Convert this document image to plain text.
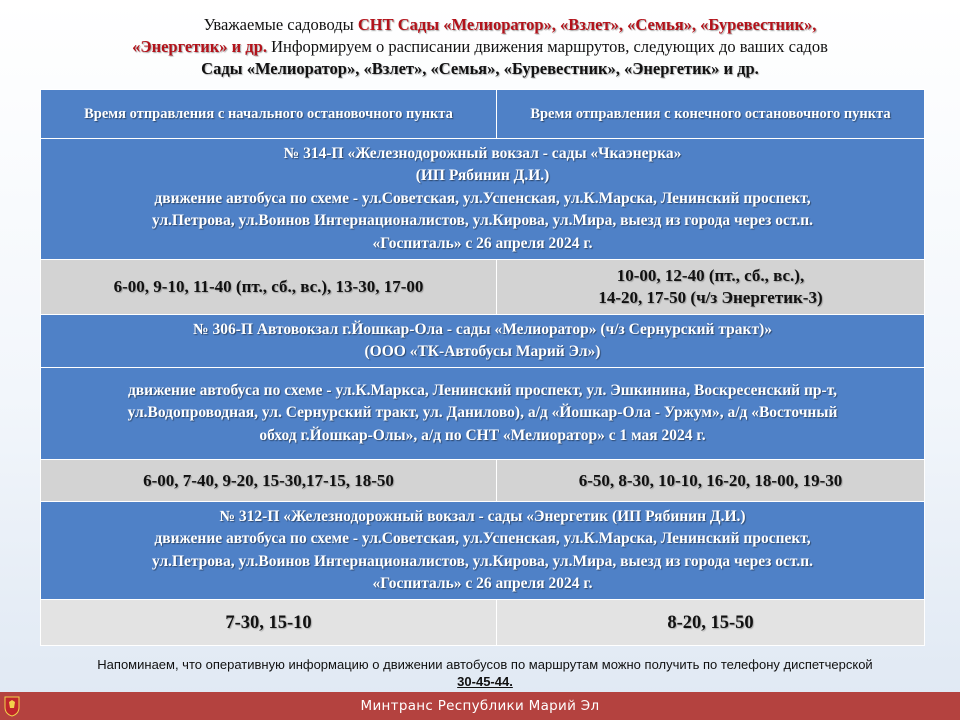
Уважаемые садоводы СНТ Сады «Мелиоратор», «Взлет», «Семья», «Буревестник»,
«Энергетик» и др. Информируем о расписании движения маршрутов, следующих до ваших садов
Сады «Мелиоратор», «Взлет», «Семья», «Буревестник», «Энергетик» и др.
Время отправления с начального остановочного пункта	Время отправления с конечного остановочного пункта

№ 314-П «Железнодорожный вокзал - сады «Чкаэнерка»
(ИП Рябинин Д.И.)
движение автобуса по схеме - ул.Советская, ул.Успенская, ул.К.Марска, Ленинский проспект,
ул.Петрова, ул.Воинов Интернационалистов, ул.Кирова, ул.Мира, выезд из города через ост.п.
«Госпиталь» с 26 апреля 2024 г.	

6-00, 9-10, 11-40 (пт., сб., вс.), 13-30, 17-00	10-00, 12-40 (пт., сб., вс.),
14-20, 17-50 (ч/з Энергетик-3)

№ 306-П Автовокзал г.Йошкар-Ола - сады «Мелиоратор» (ч/з Сернурский тракт)»
(ООО «ТК-Автобусы Марий Эл»)	

движение автобуса по схеме - ул.К.Маркса, Ленинский проспект, ул. Эшкинина, Воскресенский пр-т,
ул.Водопроводная, ул. Сернурский тракт, ул. Данилово), а/д «Йошкар-Ола - Уржум», а/д «Восточный
обход г.Йошкар-Олы», а/д по СНТ «Мелиоратор» с 1 мая 2024 г.	

6-00, 7-40, 9-20, 15-30,17-15, 18-50	6-50, 8-30, 10-10, 16-20, 18-00, 19-30

№ 312-П «Железнодорожный вокзал - сады «Энергетик (ИП Рябинин Д.И.)
движение автобуса по схеме - ул.Советская, ул.Успенская, ул.К.Марска, Ленинский проспект,
ул.Петрова, ул.Воинов Интернационалистов, ул.Кирова, ул.Мира, выезд из города через ост.п.
«Госпиталь» с 26 апреля 2024 г.	

7-30, 15-10	8-20, 15-50
Напоминаем, что оперативную информацию о движении автобусов по маршрутам можно получить по телефону диспетчерской
30-45-44.
Минтранс Республики Марий Эл
